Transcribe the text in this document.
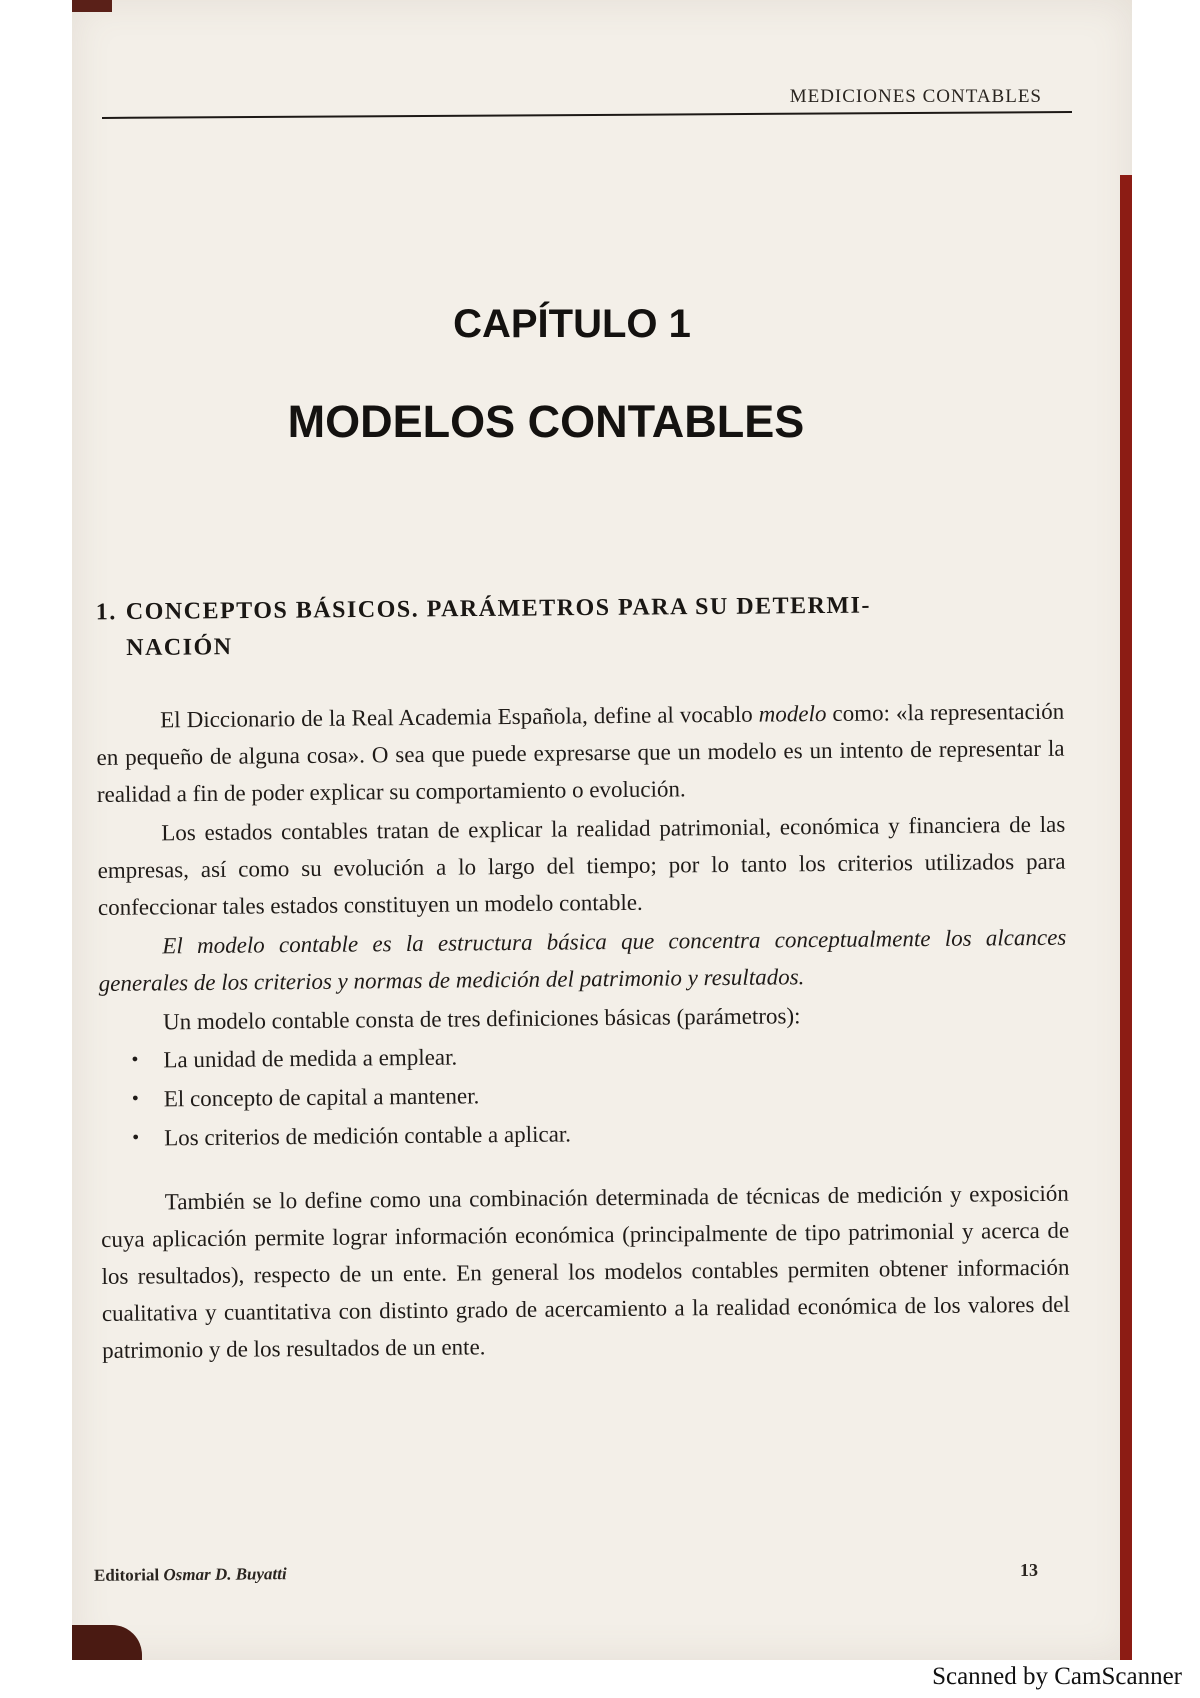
MEDICIONES CONTABLES
CAPÍTULO 1
MODELOS CONTABLES
1. CONCEPTOS BÁSICOS. PARÁMETROS PARA SU DETERMI-
NACIÓN

El Diccionario de la Real Academia Española, define al vocablo modelo como: «la representación en pequeño de alguna cosa». O sea que puede expresarse que un modelo es un intento de representar la realidad a fin de poder explicar su comportamiento o evolución.

Los estados contables tratan de explicar la realidad patrimonial, económica y financiera de las empresas, así como su evolución a lo largo del tiempo; por lo tanto los criterios utilizados para confeccionar tales estados constituyen un modelo contable.

El modelo contable es la estructura básica que concentra conceptualmente los alcances generales de los criterios y normas de medición del patrimonio y resultados.

Un modelo contable consta de tres definiciones básicas (parámetros):

• La unidad de medida a emplear.
• El concepto de capital a mantener.
• Los criterios de medición contable a aplicar.

También se lo define como una combinación determinada de técnicas de medición y exposición cuya aplicación permite lograr información económica (principalmente de tipo patrimonial y acerca de los resultados), respecto de un ente. En general los modelos contables permiten obtener información cualitativa y cuantitativa con distinto grado de acercamiento a la realidad económica de los valores del patrimonio y de los resultados de un ente.

Editorial Osmar D. Buyatti	13
Scanned by CamScanner
